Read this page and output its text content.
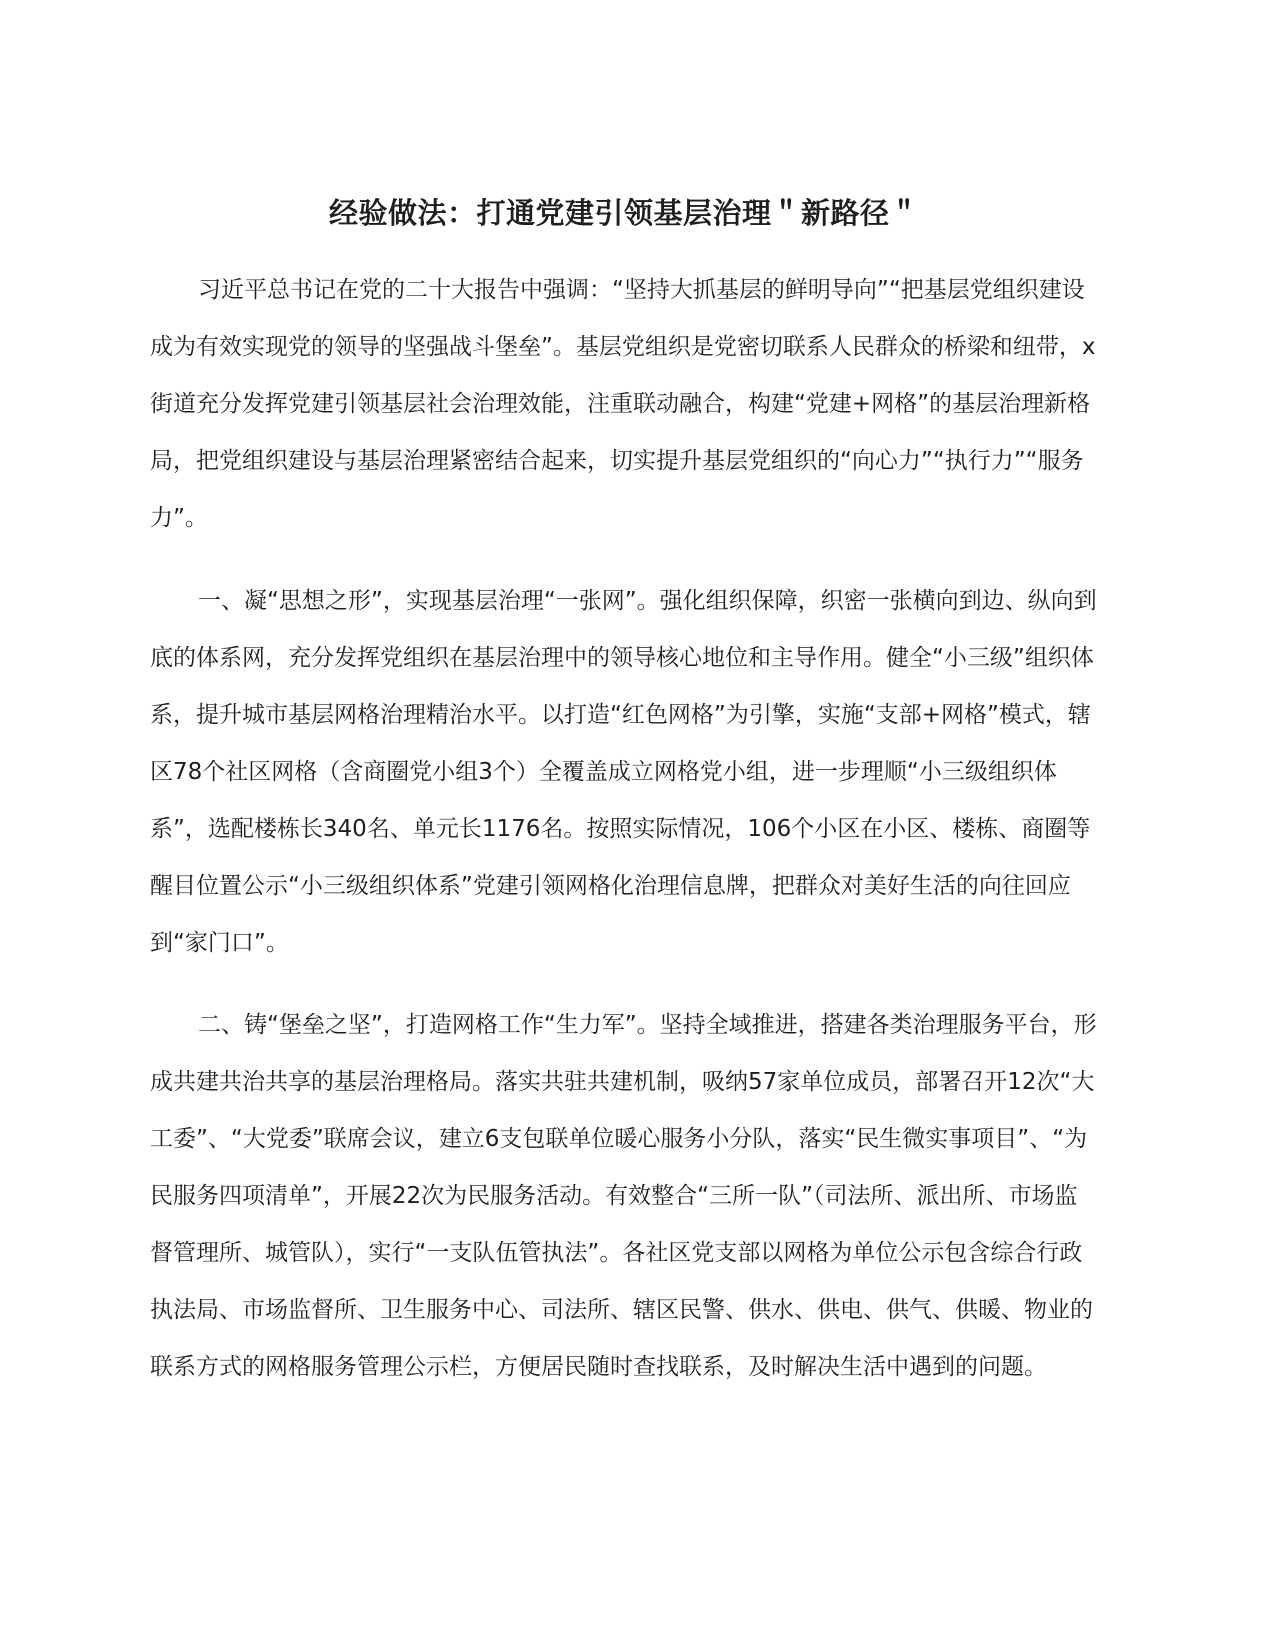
经验做法：打通党建引领基层治理＂新路径＂

习近平总书记在党的二十大报告中强调：“坚持大抓基层的鲜明导向”“把基层党组织建设成为有效实现党的领导的坚强战斗堡垒”。基层党组织是党密切联系人民群众的桥梁和纽带，x街道充分发挥党建引领基层社会治理效能，注重联动融合，构建“党建+网格”的基层治理新格局，把党组织建设与基层治理紧密结合起来，切实提升基层党组织的“向心力”“执行力”“服务力”。

一、凝“思想之形”，实现基层治理“一张网”。强化组织保障，织密一张横向到边、纵向到底的体系网，充分发挥党组织在基层治理中的领导核心地位和主导作用。健全“小三级”组织体系，提升城市基层网格治理精治水平。以打造“红色网格”为引擎，实施“支部+网格”模式，辖区78个社区网格（含商圈党小组3个）全覆盖成立网格党小组，进一步理顺“小三级组织体系”，选配楼栋长340名、单元长1176名。按照实际情况，106个小区在小区、楼栋、商圈等醒目位置公示“小三级组织体系”党建引领网格化治理信息牌，把群众对美好生活的向往回应到“家门口”。

二、铸“堡垒之坚”，打造网格工作“生力军”。坚持全域推进，搭建各类治理服务平台，形成共建共治共享的基层治理格局。落实共驻共建机制，吸纳57家单位成员，部署召开12次“大工委”、“大党委”联席会议，建立6支包联单位暖心服务小分队，落实“民生微实事项目”、“为民服务四项清单”，开展22次为民服务活动。有效整合“三所一队”（司法所、派出所、市场监督管理所、城管队），实行“一支队伍管执法”。各社区党支部以网格为单位公示包含综合行政执法局、市场监督所、卫生服务中心、司法所、辖区民警、供水、供电、供气、供暖、物业的联系方式的网格服务管理公示栏，方便居民随时查找联系，及时解决生活中遇到的问题。
